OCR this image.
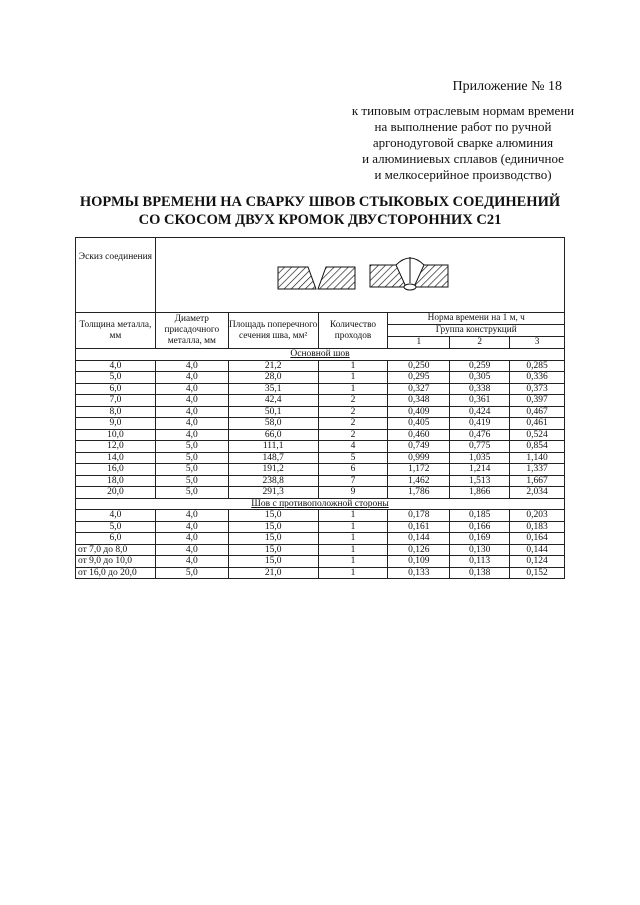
Приложение № 18
к типовым отраслевым нормам времени
на выполнение работ по ручной
аргонодуговой сварке алюминия
и алюминиевых сплавов (единичное
и мелкосерийное производство)
НОРМЫ ВРЕМЕНИ НА СВАРКУ ШВОВ СТЫКОВЫХ СОЕДИНЕНИЙ
СО СКОСОМ ДВУХ КРОМОК ДВУСТОРОННИХ С21
Эскиз соединения	
Толщина металла, мм	Диаметр присадочного металла, мм	Площадь поперечного сечения шва, мм²	Количество проходов	Норма времени на 1 м, ч		
				Группа конструкций		
				1	2	3
Основной шов						
4,0	4,0	21,2	1	0,250	0,259	0,285
5,0	4,0	28,0	1	0,295	0,305	0,336
6,0	4,0	35,1	1	0,327	0,338	0,373
7,0	4,0	42,4	2	0,348	0,361	0,397
8,0	4,0	50,1	2	0,409	0,424	0,467
9,0	4,0	58,0	2	0,405	0,419	0,461
10,0	4,0	66,0	2	0,460	0,476	0,524
12,0	5,0	111,1	4	0,749	0,775	0,854
14,0	5,0	148,7	5	0,999	1,035	1,140
16,0	5,0	191,2	6	1,172	1,214	1,337
18,0	5,0	238,8	7	1,462	1,513	1,667
20,0	5,0	291,3	9	1,786	1,866	2,034
Шов с противоположной стороны						
4,0	4,0	15,0	1	0,178	0,185	0,203
5,0	4,0	15,0	1	0,161	0,166	0,183
6,0	4,0	15,0	1	0,144	0,169	0,164
от 7,0 до 8,0	4,0	15,0	1	0,126	0,130	0,144
от 9,0 до 10,0	4,0	15,0	1	0,109	0,113	0,124
от 16,0 до 20,0	5,0	21,0	1	0,133	0,138	0,152
